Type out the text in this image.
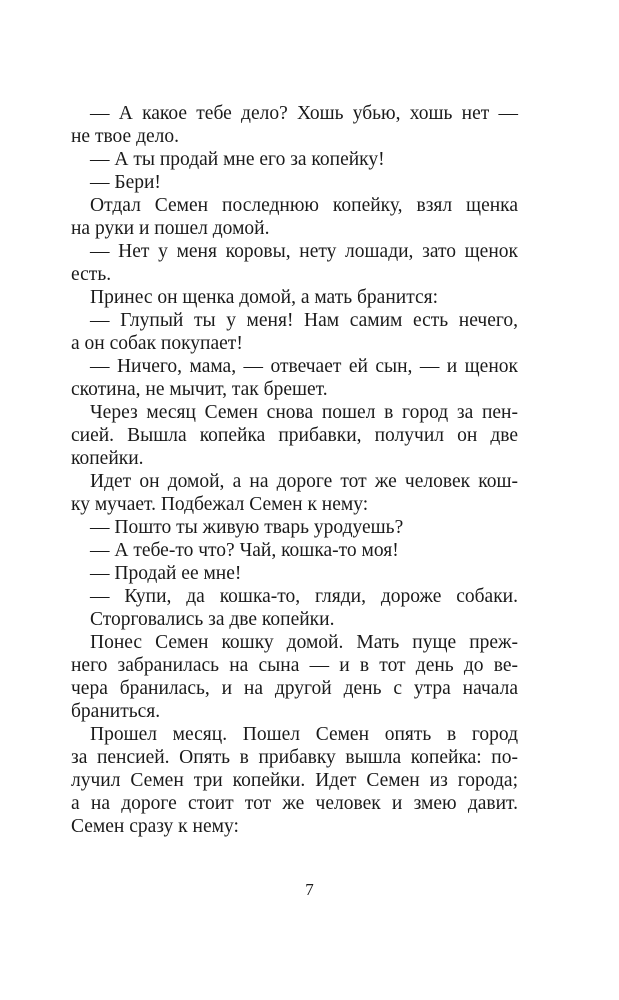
— А какое тебе дело? Хошь убью, хошь нет —
не твое дело.
— А ты продай мне его за копейку!
— Бери!
Отдал Семен последнюю копейку, взял щенка
на руки и пошел домой.
— Нет у меня коровы, нету лошади, зато щенок
есть.
Принес он щенка домой, а мать бранится:
— Глупый ты у меня! Нам самим есть нечего,
а он собак покупает!
— Ничего, мама, — отвечает ей сын, — и щенок
скотина, не мычит, так брешет.
Через месяц Семен снова пошел в город за пен-
сией. Вышла копейка прибавки, получил он две
копейки.
Идет он домой, а на дороге тот же человек кош-
ку мучает. Подбежал Семен к нему:
— Пошто ты живую тварь уродуешь?
— А тебе-то что? Чай, кошка-то моя!
— Продай ее мне!
— Купи, да кошка-то, гляди, дороже собаки.
Сторговались за две копейки.
Понес Семен кошку домой. Мать пуще преж-
него забранилась на сына — и в тот день до ве-
чера бранилась, и на другой день с утра начала
браниться.
Прошел месяц. Пошел Семен опять в город
за пенсией. Опять в прибавку вышла копейка: по-
лучил Семен три копейки. Идет Семен из города;
а на дороге стоит тот же человек и змею давит.
Семен сразу к нему:
7
